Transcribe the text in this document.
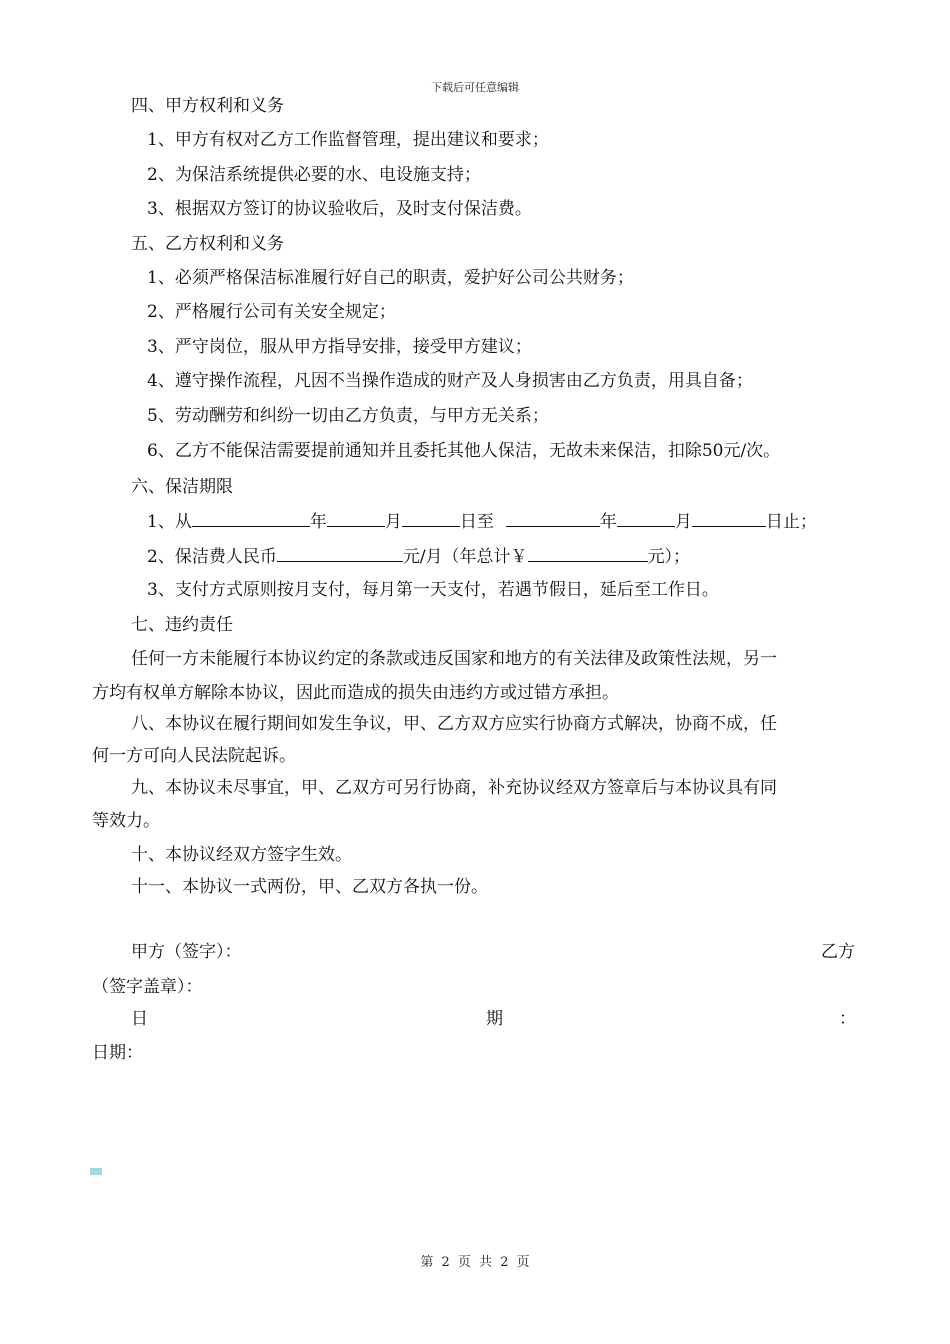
下载后可任意编辑
四、甲方权利和义务
1、甲方有权对乙方工作监督管理，提出建议和要求；
2、为保洁系统提供必要的水、电设施支持；
3、根据双方签订的协议验收后，及时支付保洁费。
五、乙方权利和义务
1、必须严格保洁标准履行好自己的职责，爱护好公司公共财务；
2、严格履行公司有关安全规定；
3、严守岗位，服从甲方指导安排，接受甲方建议；
4、遵守操作流程，凡因不当操作造成的财产及人身损害由乙方负责，用具自备；
5、劳动酬劳和纠纷一切由乙方负责，与甲方无关系；
6、乙方不能保洁需要提前通知并且委托其他人保洁，无故未来保洁，扣除50元/次。
六、保洁期限
1、从	年	月	日至	年	月	日止；
2、保洁费人民币	元/月（年总计￥	元）；
3、支付方式原则按月支付，每月第一天支付，若遇节假日，延后至工作日。
七、违约责任
任何一方未能履行本协议约定的条款或违反国家和地方的有关法律及政策性法规，另一
方均有权单方解除本协议，因此而造成的损失由违约方或过错方承担。
八、本协议在履行期间如发生争议，甲、乙方双方应实行协商方式解决，协商不成，任
何一方可向人民法院起诉。
九、本协议未尽事宜，甲、乙双方可另行协商，补充协议经双方签章后与本协议具有同
等效力。
十、本协议经双方签字生效。
十一、本协议一式两份，甲、乙双方各执一份。
甲方（签字）：	乙方
（签字盖章）：
日	期	：
日期：
第 2 页 共 2 页
